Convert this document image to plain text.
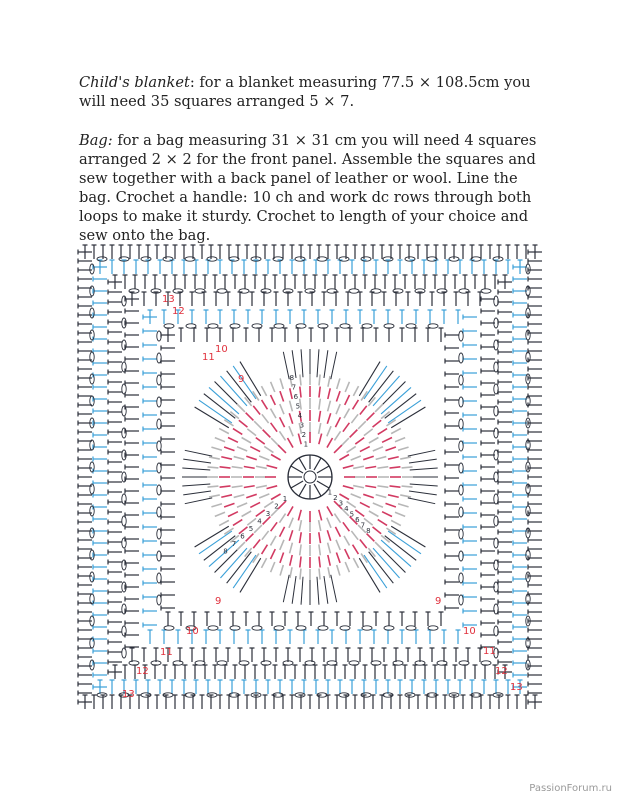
Child's blanket: for a blanket measuring 77.5 × 108.5cm you will need 35 squares arranged 5 × 7.

Bag: for a bag measuring 31 × 31 cm you will need 4 squares arranged 2 × 2 for the front panel. Assemble the squares and sew together with a back panel of leather or wool. Line the bag. Crochet a handle: 10 ch and work dc rows through both loops to make it sturdy. Crochet to length of your choice and sew onto the bag.

13
13
13
12	12
12
11	11
11
10	10
10
9	9
9
8
8
8
7
7
7
6
6
6
5
5
5
4
4
4
3
3
3
2
2
2
1
1
1
PassionForum.ru
